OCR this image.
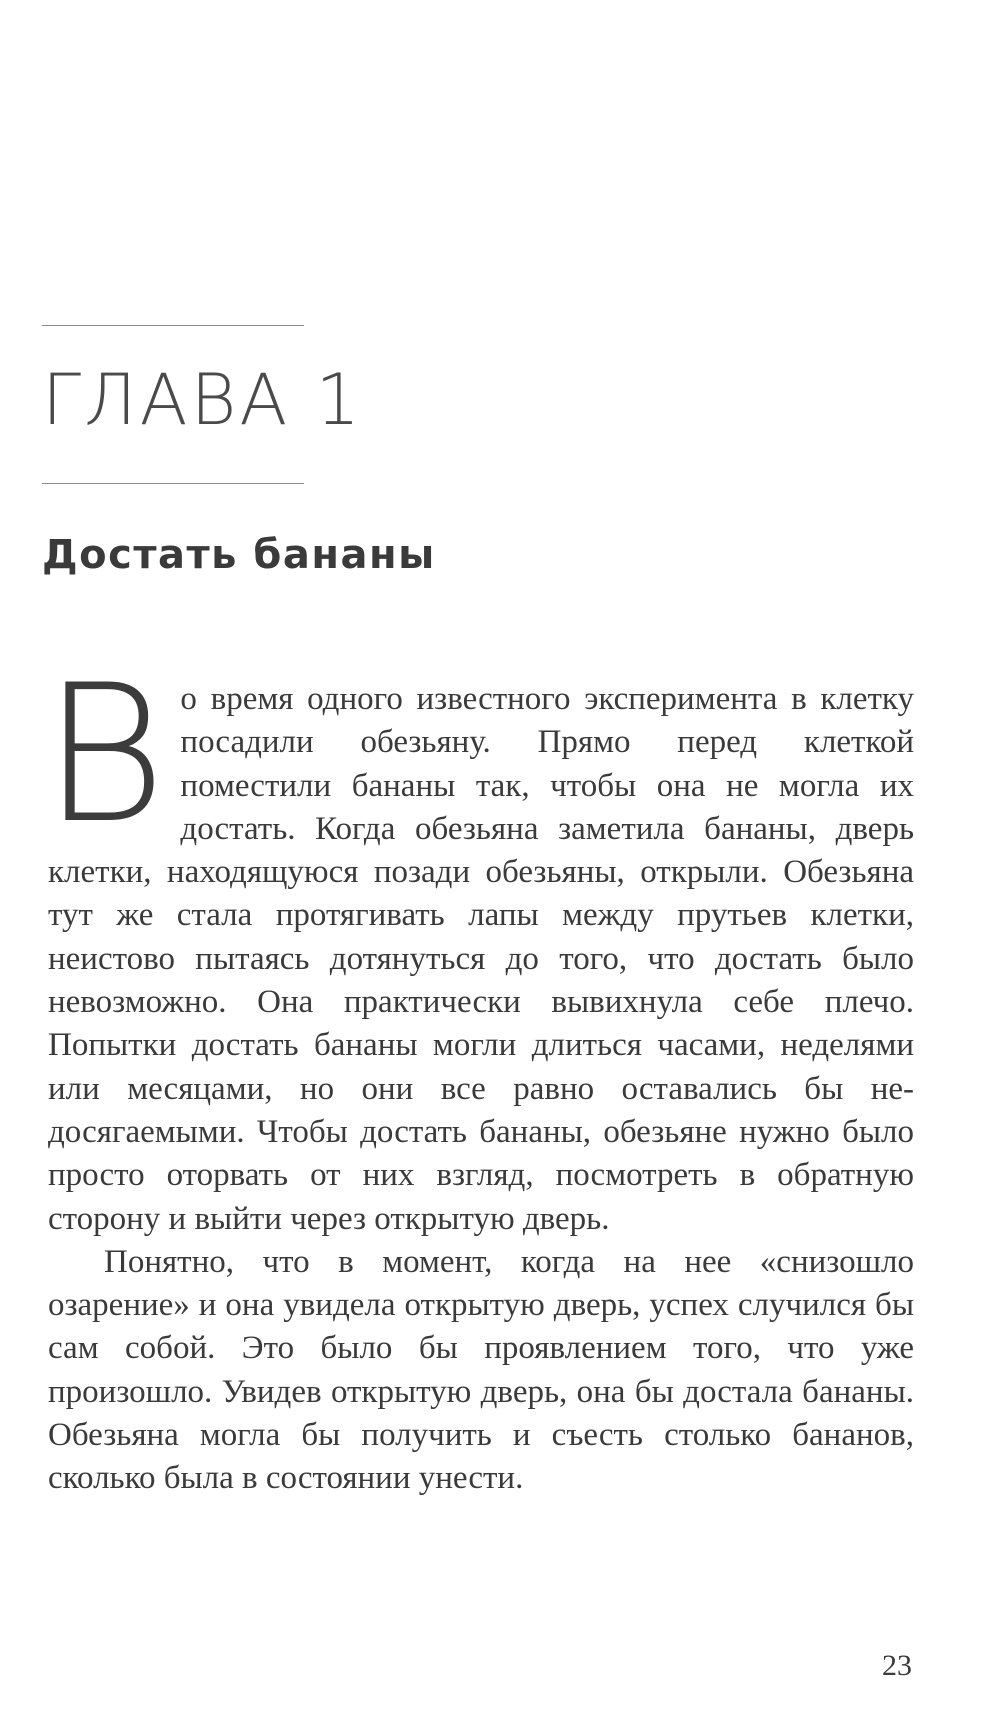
ГЛАВА 1
Достать бананы

Во время одного известного эксперимента в клетку посадили обезьяну. Прямо перед клеткой поместили бананы так, чтобы она не могла их достать. Когда обезьяна заметила бананы, дверь клетки, находящуюся позади обезьяны, открыли. Обезьяна тут же стала протягивать лапы между прутьев клетки, неистово пытаясь дотянуться до того, что достать было невозможно. Она практически вывихнула себе плечо. Попытки достать бананы могли длиться часами, неделями или месяцами, но они все равно оставались бы недосягаемыми. Чтобы достать бананы, обезьяне нужно было просто оторвать от них взгляд, посмотреть в обратную сторону и выйти через открытую дверь.

Понятно, что в момент, когда на нее «снизошло озарение» и она увидела открытую дверь, успех случился бы сам собой. Это было бы проявлением того, что уже произошло. Увидев открытую дверь, она бы достала бананы. Обезьяна могла бы получить и съесть столько бананов, сколько была в состоянии унести.

23
